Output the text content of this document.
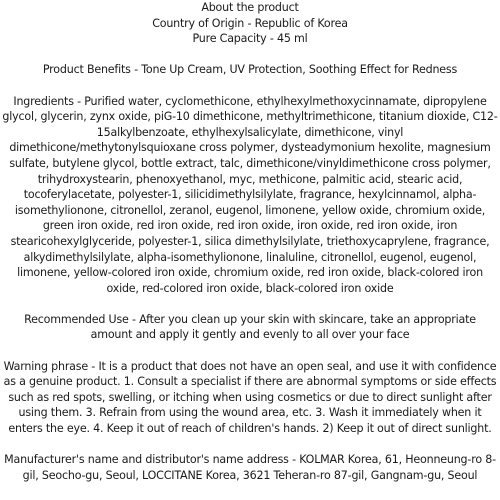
About the product

Country of Origin - Republic of Korea

Pure Capacity - 45 ml

Product Benefits - Tone Up Cream, UV Protection, Soothing Effect for Redness

Ingredients - Purified water, cyclomethicone, ethylhexylmethoxycinnamate, dipropylene glycol, glycerin, zynx oxide, piG-10 dimethicone, methyltrimethicone, titanium dioxide, C12-15alkylbenzoate, ethylhexylsalicylate, dimethicone, vinyl dimethicone/methytonylsquioxane cross polymer, dysteadymonium hexolite, magnesium sulfate, butylene glycol, bottle extract, talc, dimethicone/vinyldimethicone cross polymer, trihydroxystearin, phenoxyethanol, myc, methicone, palmitic acid, stearic acid, tocoferylacetate, polyester-1, silicidimethylsilylate, fragrance, hexylcinnamol, alpha-isomethylionone, citronellol, zeranol, eugenol, limonene, yellow oxide, chromium oxide, green iron oxide, red iron oxide, red iron oxide, iron oxide, red iron oxide, iron stearicohexylglyceride, polyester-1, silica dimethylsilylate, triethoxycaprylene, fragrance, alkydimethylsilylate, alpha-isomethylionone, linaluline, citronellol, eugenol, eugenol, limonene, yellow-colored iron oxide, chromium oxide, red iron oxide, black-colored iron oxide, red-colored iron oxide, black-colored iron oxide

Recommended Use - After you clean up your skin with skincare, take an appropriate amount and apply it gently and evenly to all over your face

Warning phrase - It is a product that does not have an open seal, and use it with confidence as a genuine product. 1. Consult a specialist if there are abnormal symptoms or side effects such as red spots, swelling, or itching when using cosmetics or due to direct sunlight after using them. 3. Refrain from using the wound area, etc. 3. Wash it immediately when it enters the eye. 4. Keep it out of reach of children's hands. 2) Keep it out of direct sunlight.

Manufacturer's name and distributor's name address - KOLMAR Korea, 61, Heonneung-ro 8-gil, Seocho-gu, Seoul, LOCCITANE Korea, 3621 Teheran-ro 87-gil, Gangnam-gu, Seoul
